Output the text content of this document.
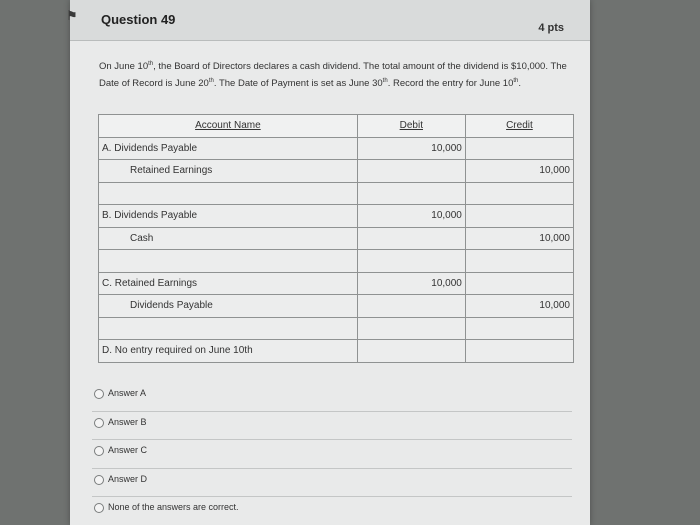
⚑	Question 49
4 pts
On June 10th, the Board of Directors declares a cash dividend. The total amount of the dividend is $10,000. The Date of Record is June 20th. The Date of Payment is set as June 30th. Record the entry for June 10th.
Account Name	Debit	Credit
A. Dividends Payable	10,000	
Retained Earnings		10,000

B. Dividends Payable	10,000	
Cash		10,000

C. Retained Earnings	10,000	
Dividends Payable		10,000

D. No entry required on June 10th		
Answer A
Answer B
Answer C
Answer D
None of the answers are correct.
